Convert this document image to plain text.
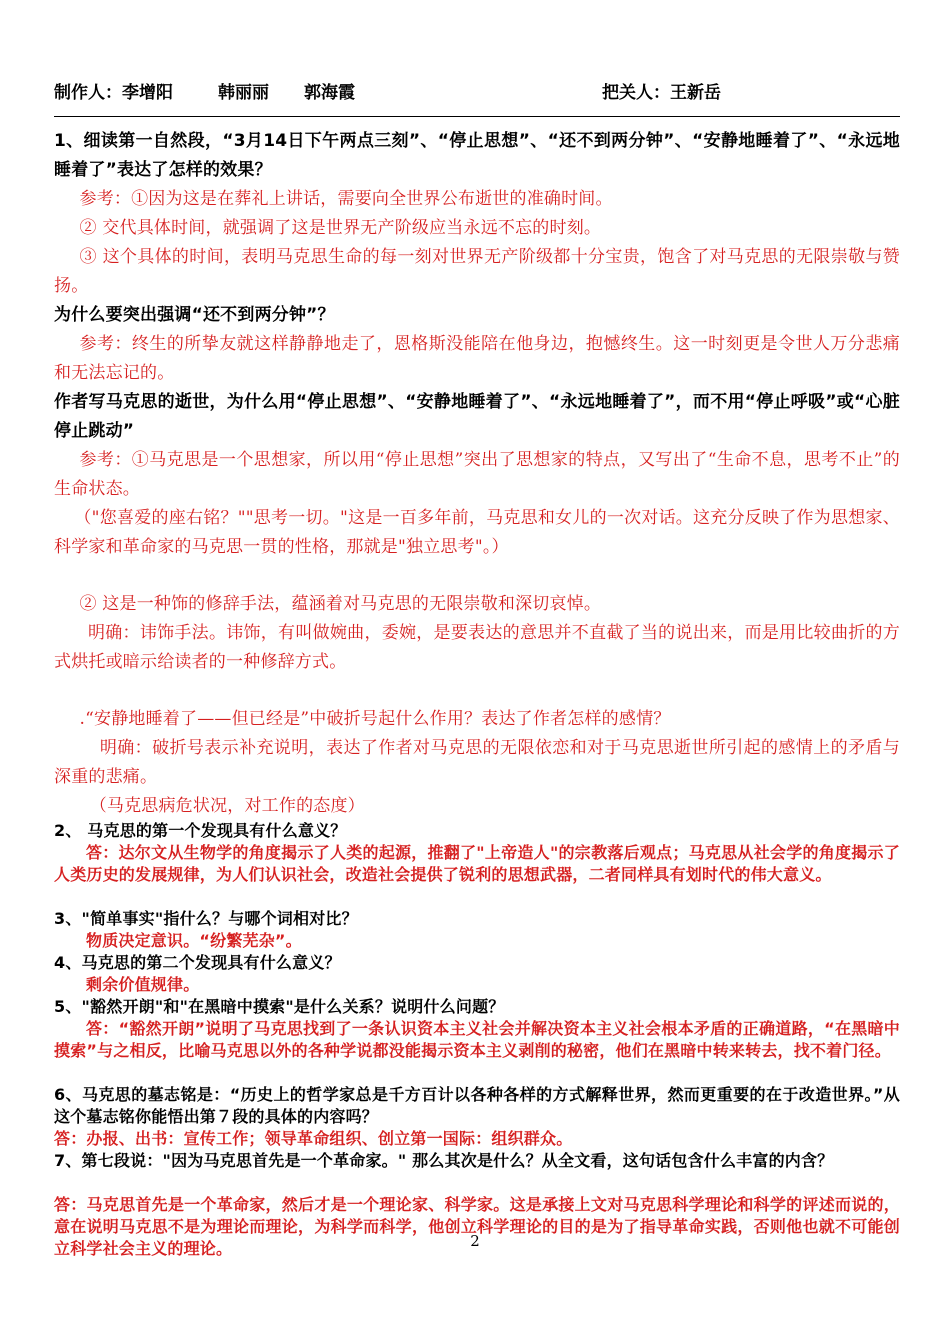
制作人：李增阳	韩丽丽 郭海霞	把关人：王新岳

1、细读第一自然段，“3月14日下午两点三刻”、“停止思想”、“还不到两分钟”、“安静地睡着了”、“永远地睡着了”表达了怎样的效果？

参考：①因为这是在葬礼上讲话，需要向全世界公布逝世的准确时间。

② 交代具体时间，就强调了这是世界无产阶级应当永远不忘的时刻。

③ 这个具体的时间，表明马克思生命的每一刻对世界无产阶级都十分宝贵，饱含了对马克思的无限崇敬与赞扬。

为什么要突出强调“还不到两分钟”？

参考：终生的所挚友就这样静静地走了，恩格斯没能陪在他身边，抱憾终生。这一时刻更是令世人万分悲痛和无法忘记的。

作者写马克思的逝世，为什么用“停止思想”、“安静地睡着了”、“永远地睡着了”，而不用“停止呼吸”或“心脏停止跳动”

参考：①马克思是一个思想家，所以用“停止思想”突出了思想家的特点，又写出了“生命不息，思考不止”的生命状态。

（"您喜爱的座右铭？""思考一切。"这是一百多年前，马克思和女儿的一次对话。这充分反映了作为思想家、科学家和革命家的马克思一贯的性格，那就是"独立思考"。）

② 这是一种饰的修辞手法，蕴涵着对马克思的无限崇敬和深切哀悼。

明确：讳饰手法。讳饰，有叫做婉曲，委婉，是要表达的意思并不直截了当的说出来，而是用比较曲折的方式烘托或暗示给读者的一种修辞方式。

.“安静地睡着了——但已经是”中破折号起什么作用？表达了作者怎样的感情？

明确：破折号表示补充说明，表达了作者对马克思的无限依恋和对于马克思逝世所引起的感情上的矛盾与深重的悲痛。

（马克思病危状况，对工作的态度）

2、 马克思的第一个发现具有什么意义？

答：达尔文从生物学的角度揭示了人类的起源，推翻了"上帝造人"的宗教落后观点；马克思从社会学的角度揭示了人类历史的发展规律，为人们认识社会，改造社会提供了锐利的思想武器，二者同样具有划时代的伟大意义。

3、"简单事实"指什么？与哪个词相对比？

物质决定意识。“纷繁芜杂”。

4、马克思的第二个发现具有什么意义？

剩余价值规律。

5、"豁然开朗"和"在黑暗中摸索"是什么关系？说明什么问题？

答：“豁然开朗”说明了马克思找到了一条认识资本主义社会并解决资本主义社会根本矛盾的正确道路，“在黑暗中摸索”与之相反，比喻马克思以外的各种学说都没能揭示资本主义剥削的秘密，他们在黑暗中转来转去，找不着门径。

6、马克思的墓志铭是：“历史上的哲学家总是千方百计以各种各样的方式解释世界，然而更重要的在于改造世界。”从这个墓志铭你能悟出第７段的具体的内容吗？

答：办报、出书：宣传工作；领导革命组织、创立第一国际：组织群众。

7、第七段说："因为马克思首先是一个革命家。" 那么其次是什么？从全文看，这句话包含什么丰富的内含？

答：马克思首先是一个革命家，然后才是一个理论家、科学家。这是承接上文对马克思科学理论和科学的评述而说的，意在说明马克思不是为理论而理论，为科学而科学，他创立科学理论的目的是为了指导革命实践，否则他也就不可能创立科学社会主义的理论。	2
